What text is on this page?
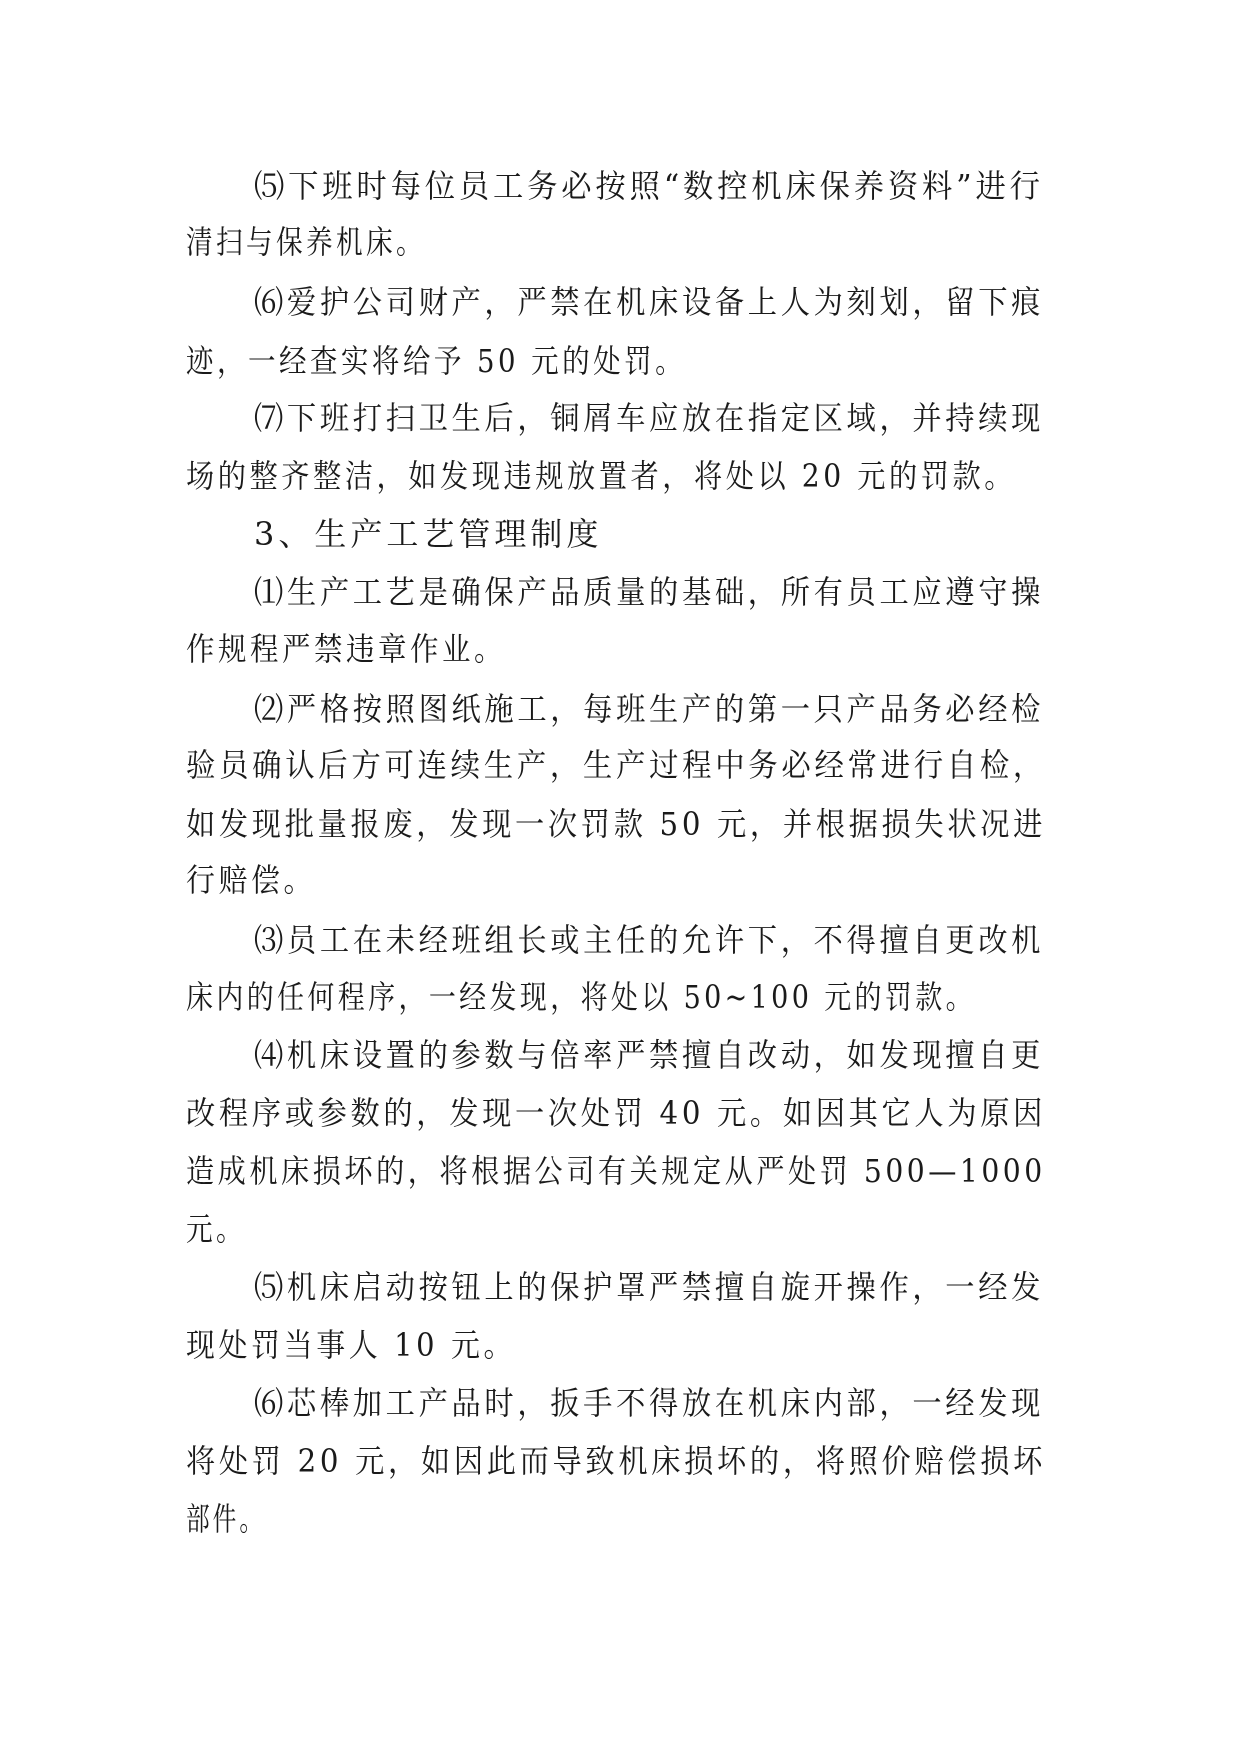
⑸下班时每位员工务必按照“数控机床保养资料”进行
清扫与保养机床。
⑹爱护公司财产，严禁在机床设备上人为刻划，留下痕
迹，一经查实将给予 50 元的处罚。
⑺下班打扫卫生后，铜屑车应放在指定区域，并持续现
场的整齐整洁，如发现违规放置者，将处以 20 元的罚款。
3、生产工艺管理制度
⑴生产工艺是确保产品质量的基础，所有员工应遵守操
作规程严禁违章作业。
⑵严格按照图纸施工，每班生产的第一只产品务必经检
验员确认后方可连续生产，生产过程中务必经常进行自检，
如发现批量报废，发现一次罚款 50 元，并根据损失状况进
行赔偿。
⑶员工在未经班组长或主任的允许下，不得擅自更改机
床内的任何程序，一经发现，将处以 50~100 元的罚款。
⑷机床设置的参数与倍率严禁擅自改动，如发现擅自更
改程序或参数的，发现一次处罚 40 元。如因其它人为原因
造成机床损坏的，将根据公司有关规定从严处罚 500—1000
元。
⑸机床启动按钮上的保护罩严禁擅自旋开操作，一经发
现处罚当事人 10 元。
⑹芯棒加工产品时，扳手不得放在机床内部，一经发现
将处罚 20 元，如因此而导致机床损坏的，将照价赔偿损坏
部件。
